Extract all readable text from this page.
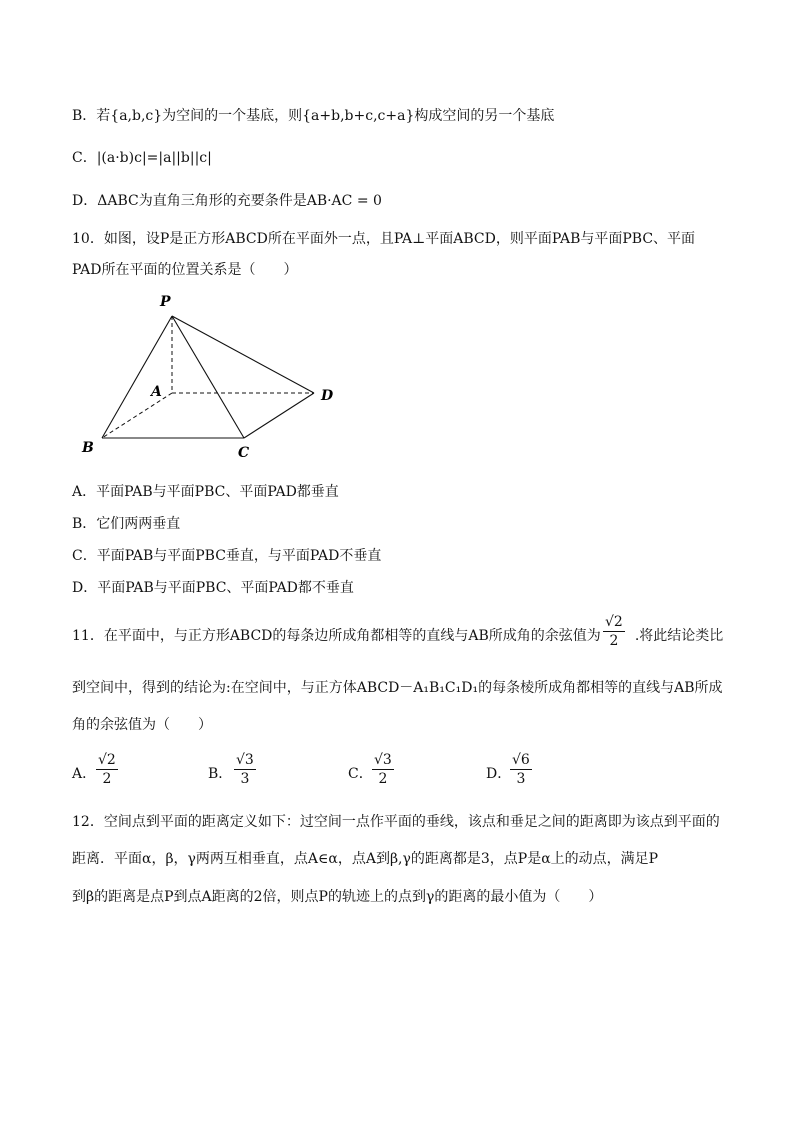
B．若{a,b,c}为空间的一个基底，则{a+b,b+c,c+a}构成空间的另一个基底
C．|(a·b)c|=|a||b||c|
D．ΔABC为直角三角形的充要条件是AB·AC = 0
10．如图，设P是正方形ABCD所在平面外一点，且PA⊥平面ABCD，则平面PAB与平面PBC、平面
PAD所在平面的位置关系是（　　）
P
A
B	C
D
A．平面PAB与平面PBC、平面PAD都垂直
B．它们两两垂直
C．平面PAB与平面PBC垂直，与平面PAD不垂直
D．平面PAB与平面PBC、平面PAD都不垂直
11．在平面中，与正方形ABCD的每条边所成角都相等的直线与AB所成角的余弦值为 .将此结论类比
$\frac{√2}{2}$
到空间中，得到的结论为:在空间中，与正方体ABCD－A₁B₁C₁D₁的每条棱所成角都相等的直线与AB所成
角的余弦值为（　　）
A． $\frac{√2}{2}$	B． $\frac{√3}{3}$	C． $\frac{√3}{2}$	D．
$\frac{√6}{3}$
12．空间点到平面的距离定义如下：过空间一点作平面的垂线，该点和垂足之间的距离即为该点到平面的
距离．平面α，β，γ两两互相垂直，点A∈α，点A到β,γ的距离都是3，点P是α上的动点，满足P
到β的距离是点P到点A距离的2倍，则点P的轨迹上的点到γ的距离的最小值为（　　）
